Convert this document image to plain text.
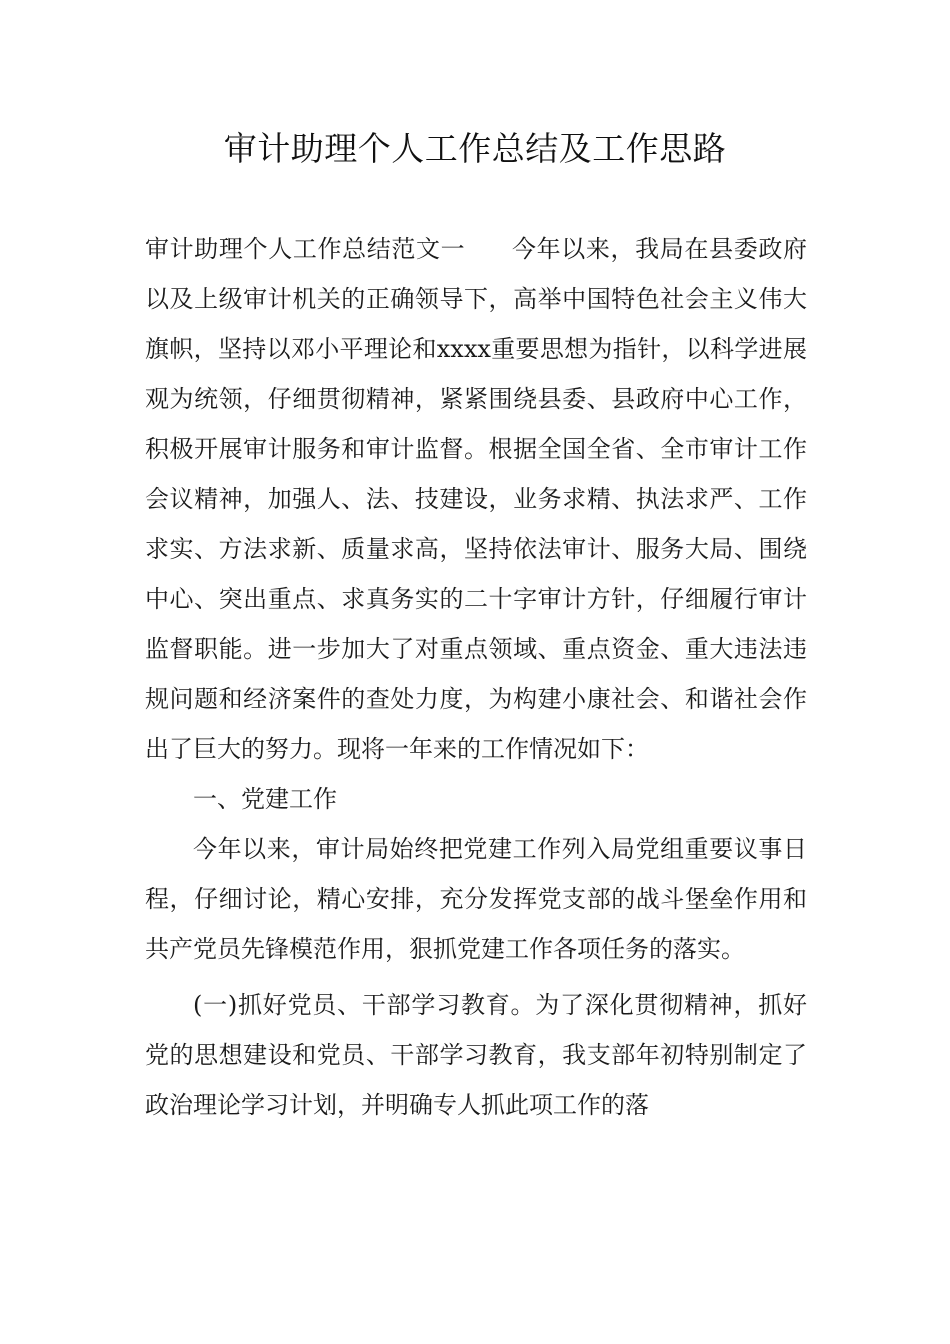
审计助理个人工作总结及工作思路

审计助理个人工作总结范文一 今年以来，我局在县委政府以及上级审计机关的正确领导下，高举中国特色社会主义伟大旗帜，坚持以邓小平理论和xxxx重要思想为指针，以科学进展观为统领，仔细贯彻精神，紧紧围绕县委、县政府中心工作，积极开展审计服务和审计监督。根据全国全省、全市审计工作会议精神，加强人、法、技建设，业务求精、执法求严、工作求实、方法求新、质量求高，坚持依法审计、服务大局、围绕中心、突出重点、求真务实的二十字审计方针，仔细履行审计监督职能。进一步加大了对重点领域、重点资金、重大违法违规问题和经济案件的查处力度，为构建小康社会、和谐社会作出了巨大的努力。现将一年来的工作情况如下：

一、党建工作

今年以来，审计局始终把党建工作列入局党组重要议事日程，仔细讨论，精心安排，充分发挥党支部的战斗堡垒作用和共产党员先锋模范作用，狠抓党建工作各项任务的落实。

(一)抓好党员、干部学习教育。为了深化贯彻精神，抓好党的思想建设和党员、干部学习教育，我支部年初特别制定了政治理论学习计划，并明确专人抓此项工作的落
